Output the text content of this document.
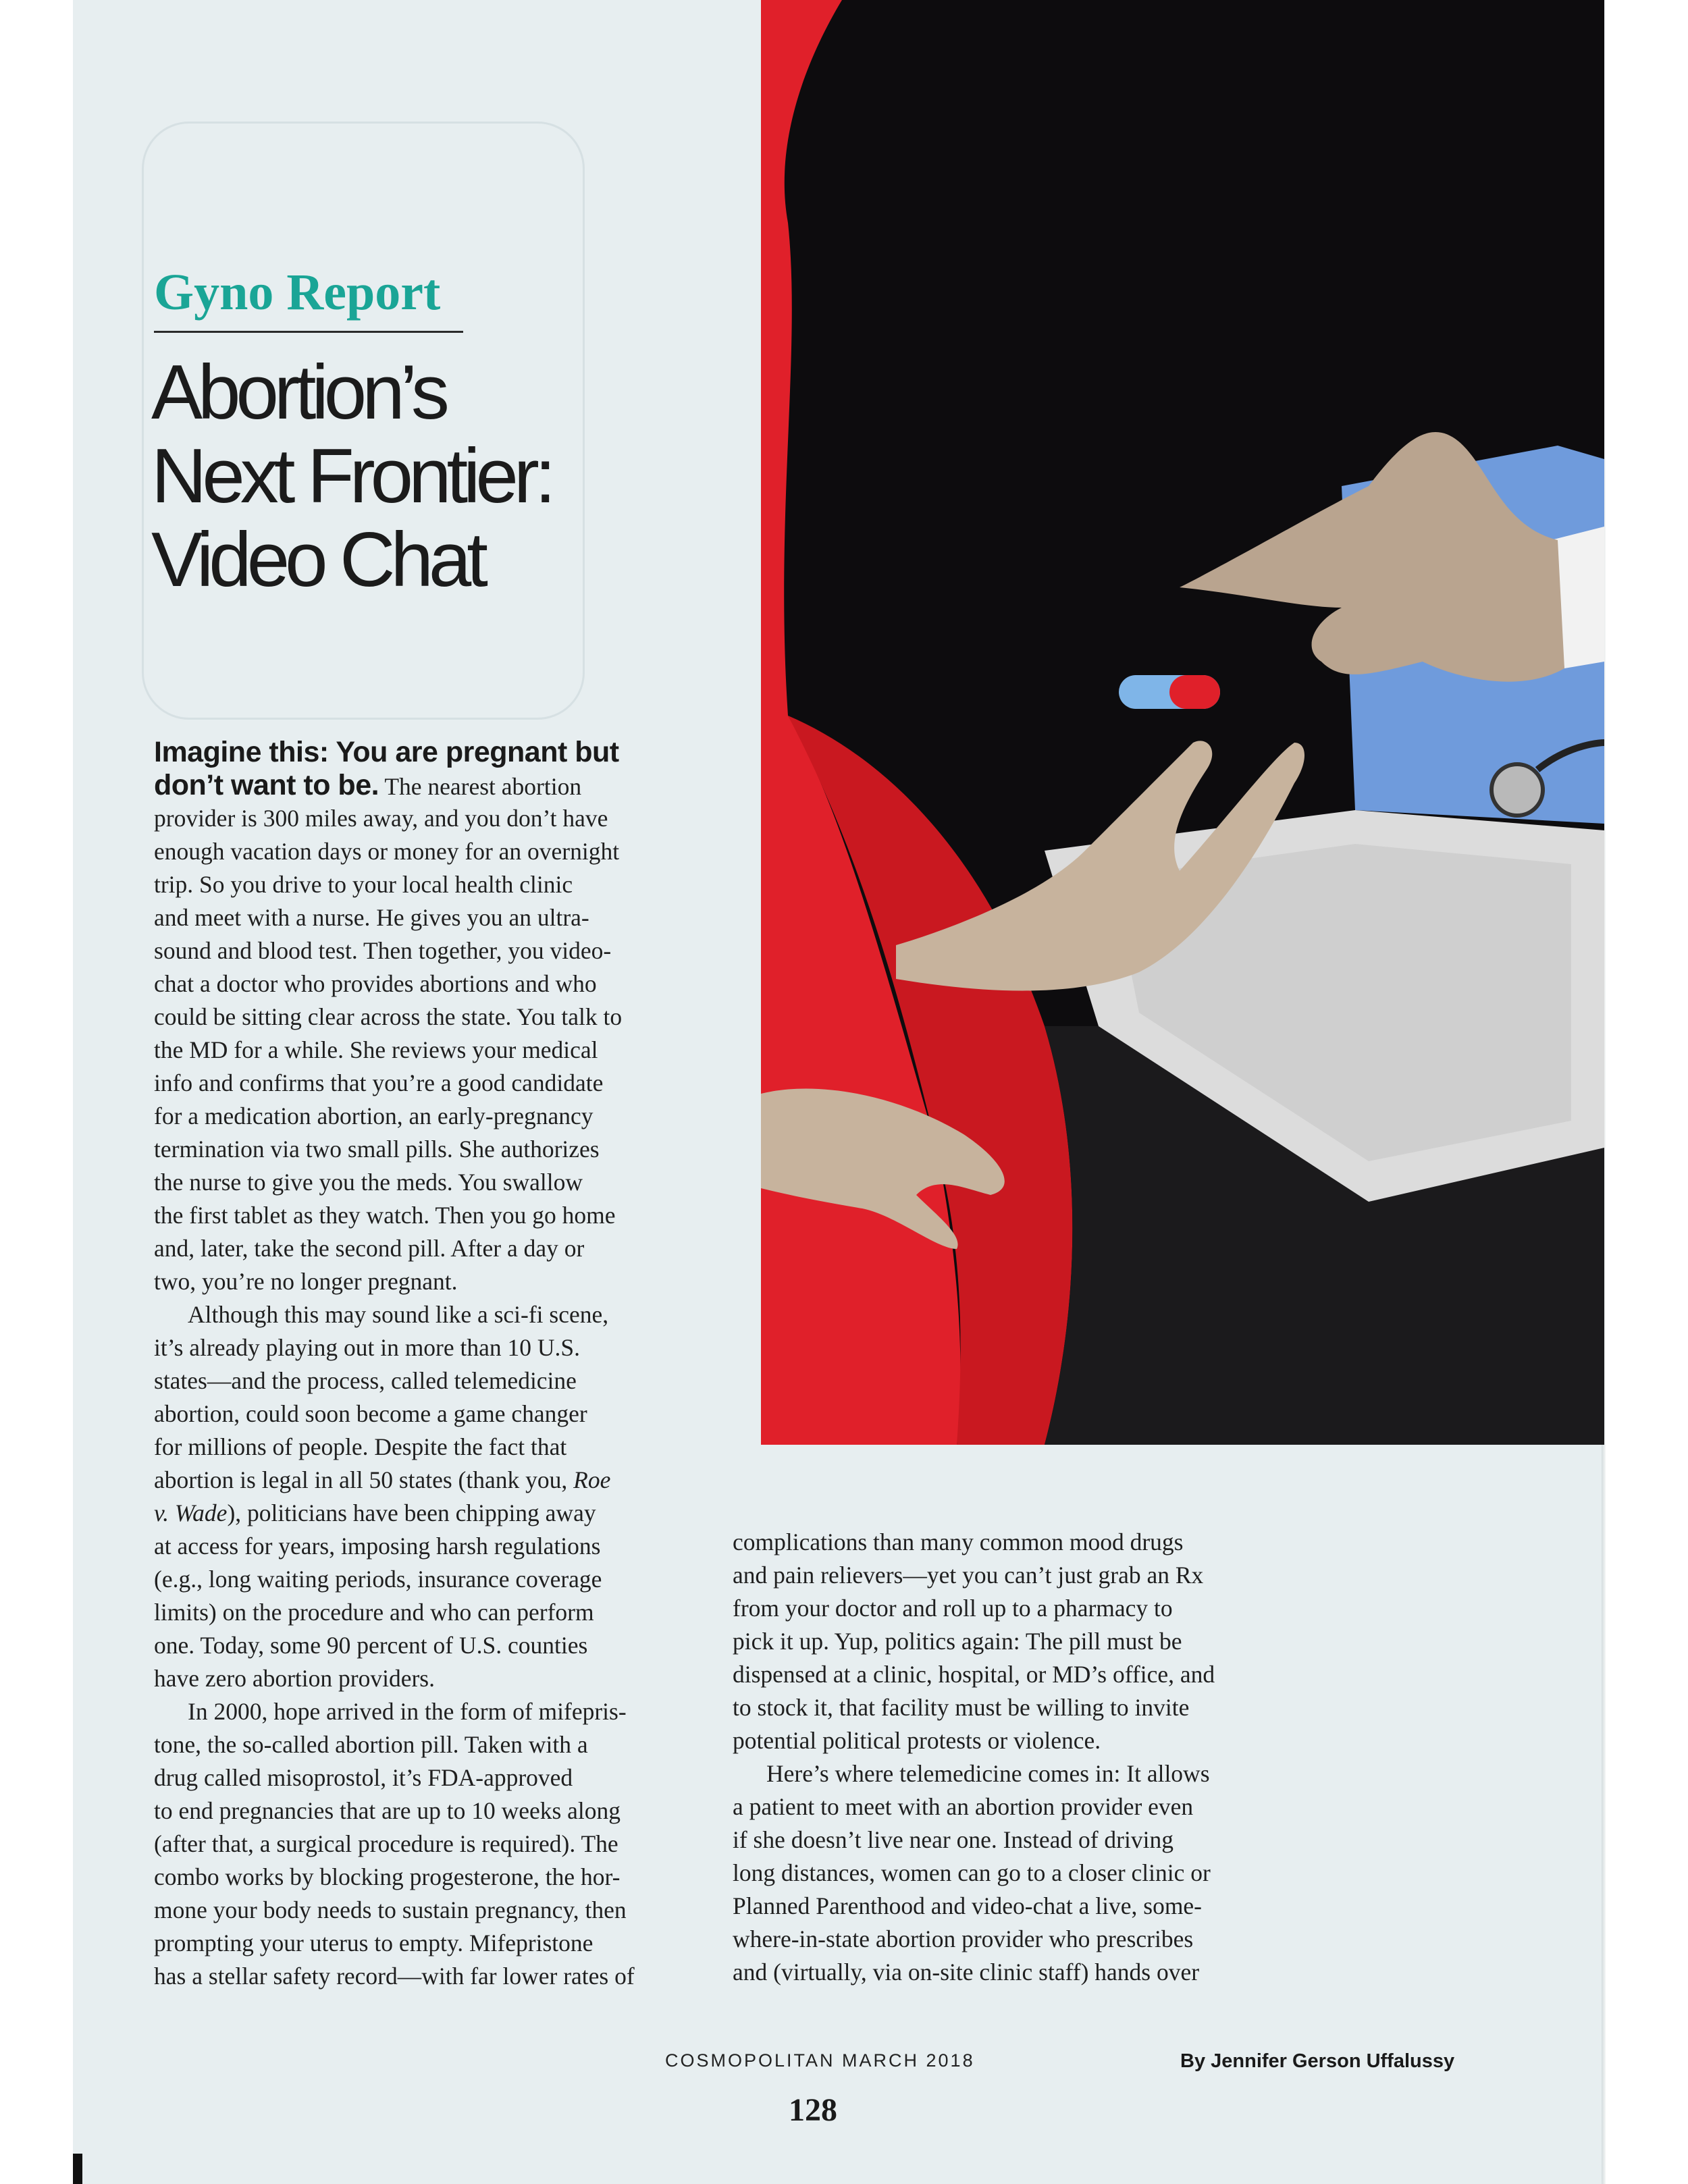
Gyno Report
Abortion’s
Next Frontier:
Video Chat
Imagine this: You are pregnant but
don’t want to be. The nearest abortion
provider is 300 miles away, and you don’t have
enough vacation days or money for an overnight
trip. So you drive to your local health clinic
and meet with a nurse. He gives you an ultra-
sound and blood test. Then together, you video-
chat a doctor who provides abortions and who
could be sitting clear across the state. You talk to
the MD for a while. She reviews your medical
info and confirms that you’re a good candidate
for a medication abortion, an early-pregnancy
termination via two small pills. She authorizes
the nurse to give you the meds. You swallow
the first tablet as they watch. Then you go home
and, later, take the second pill. After a day or
two, you’re no longer pregnant.
Although this may sound like a sci-fi scene,
it’s already playing out in more than 10 U.S.
states—and the process, called telemedicine
abortion, could soon become a game changer
for millions of people. Despite the fact that
abortion is legal in all 50 states (thank you, Roe
v. Wade), politicians have been chipping away
at access for years, imposing harsh regulations
(e.g., long waiting periods, insurance coverage
limits) on the procedure and who can perform
one. Today, some 90 percent of U.S. counties
have zero abortion providers.
In 2000, hope arrived in the form of mifepris-
tone, the so-called abortion pill. Taken with a
drug called misoprostol, it’s FDA-approved
to end pregnancies that are up to 10 weeks along
(after that, a surgical procedure is required). The
combo works by blocking progesterone, the hor-
mone your body needs to sustain pregnancy, then
prompting your uterus to empty. Mifepristone
has a stellar safety record—with far lower rates of
complications than many common mood drugs
and pain relievers—yet you can’t just grab an Rx
from your doctor and roll up to a pharmacy to
pick it up. Yup, politics again: The pill must be
dispensed at a clinic, hospital, or MD’s office, and
to stock it, that facility must be willing to invite
potential political protests or violence.
Here’s where telemedicine comes in: It allows
a patient to meet with an abortion provider even
if she doesn’t live near one. Instead of driving
long distances, women can go to a closer clinic or
Planned Parenthood and video-chat a live, some-
where-in-state abortion provider who prescribes
and (virtually, via on-site clinic staff) hands over
COSMOPOLITAN MARCH 2018
128
By Jennifer Gerson Uffalussy
